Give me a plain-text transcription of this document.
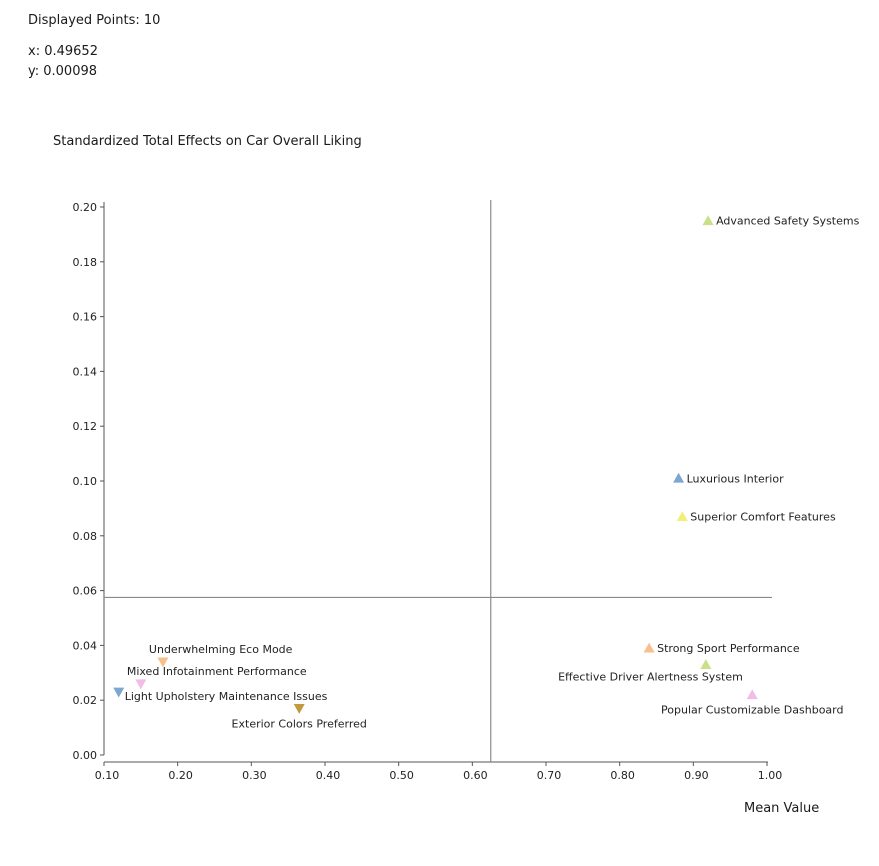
Displayed Points: 10
x: 0.49652
y: 0.00098
Standardized Total Effects on Car Overall Liking
0.00
0.02
0.04
0.06
0.08
0.10
0.12
0.14
0.16
0.18
0.20
0.10	0.20	0.30	0.40	0.50	0.60	0.70	0.80	0.90	1.00
Advanced Safety Systems
Luxurious Interior
Superior Comfort Features
Strong Sport Performance
Effective Driver Alertness System
Popular Customizable Dashboard
Underwhelming Eco Mode
Mixed Infotainment Performance
Light Upholstery Maintenance Issues
Exterior Colors Preferred
Mean Value
